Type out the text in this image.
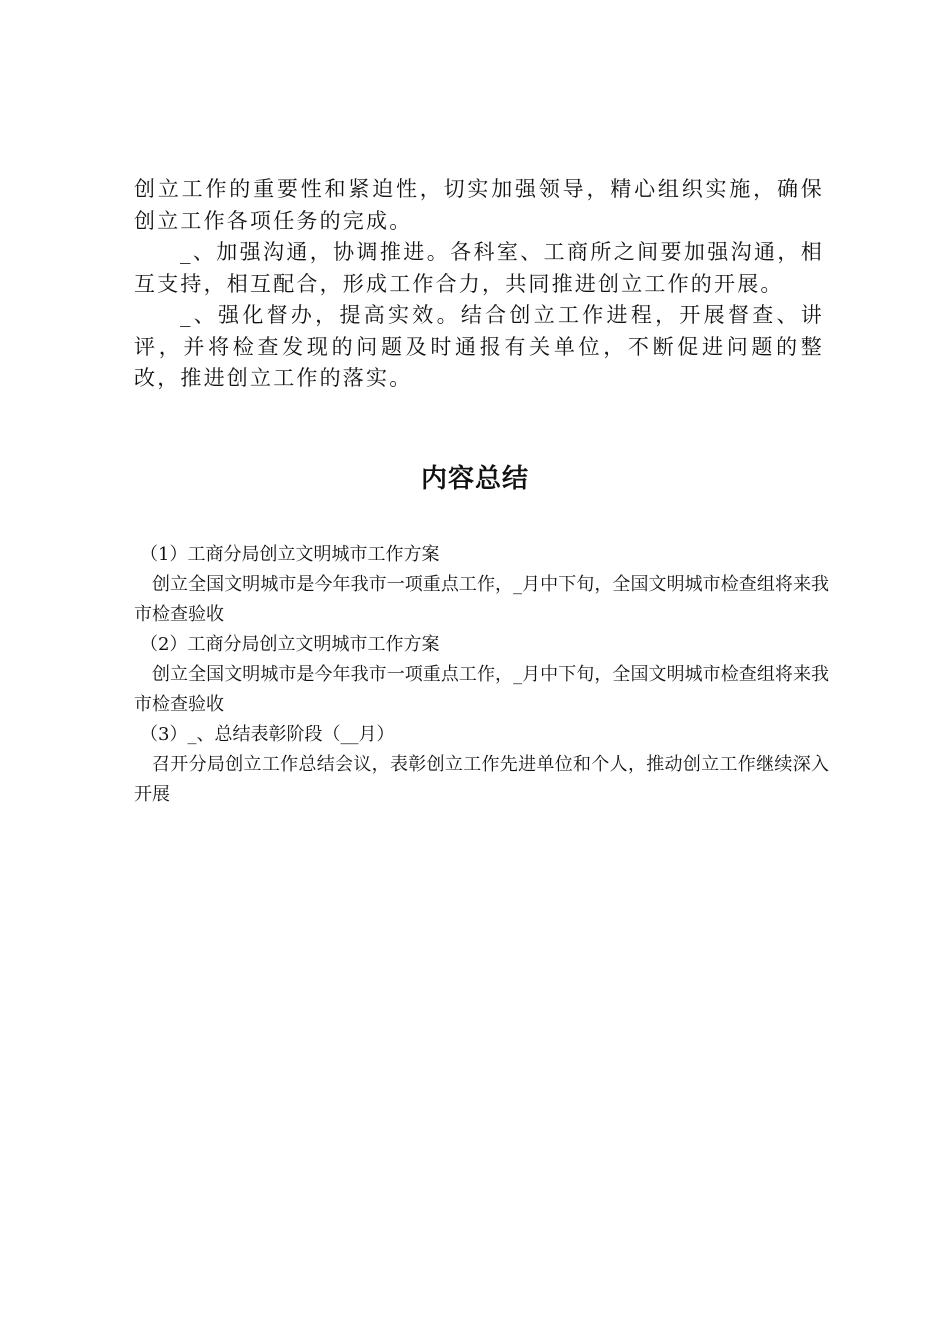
创立工作的重要性和紧迫性，切实加强领导，精心组织实施，确保创立工作各项任务的完成。

_、加强沟通，协调推进。各科室、工商所之间要加强沟通，相互支持，相互配合，形成工作合力，共同推进创立工作的开展。

_、强化督办，提高实效。结合创立工作进程，开展督查、讲评，并将检查发现的问题及时通报有关单位，不断促进问题的整改，推进创立工作的落实。

内容总结

（1）工商分局创立文明城市工作方案

创立全国文明城市是今年我市一项重点工作，_月中下旬，全国文明城市检查组将来我市检查验收

（2）工商分局创立文明城市工作方案

创立全国文明城市是今年我市一项重点工作，_月中下旬，全国文明城市检查组将来我市检查验收

（3）_、总结表彰阶段（__月）

召开分局创立工作总结会议，表彰创立工作先进单位和个人，推动创立工作继续深入开展
